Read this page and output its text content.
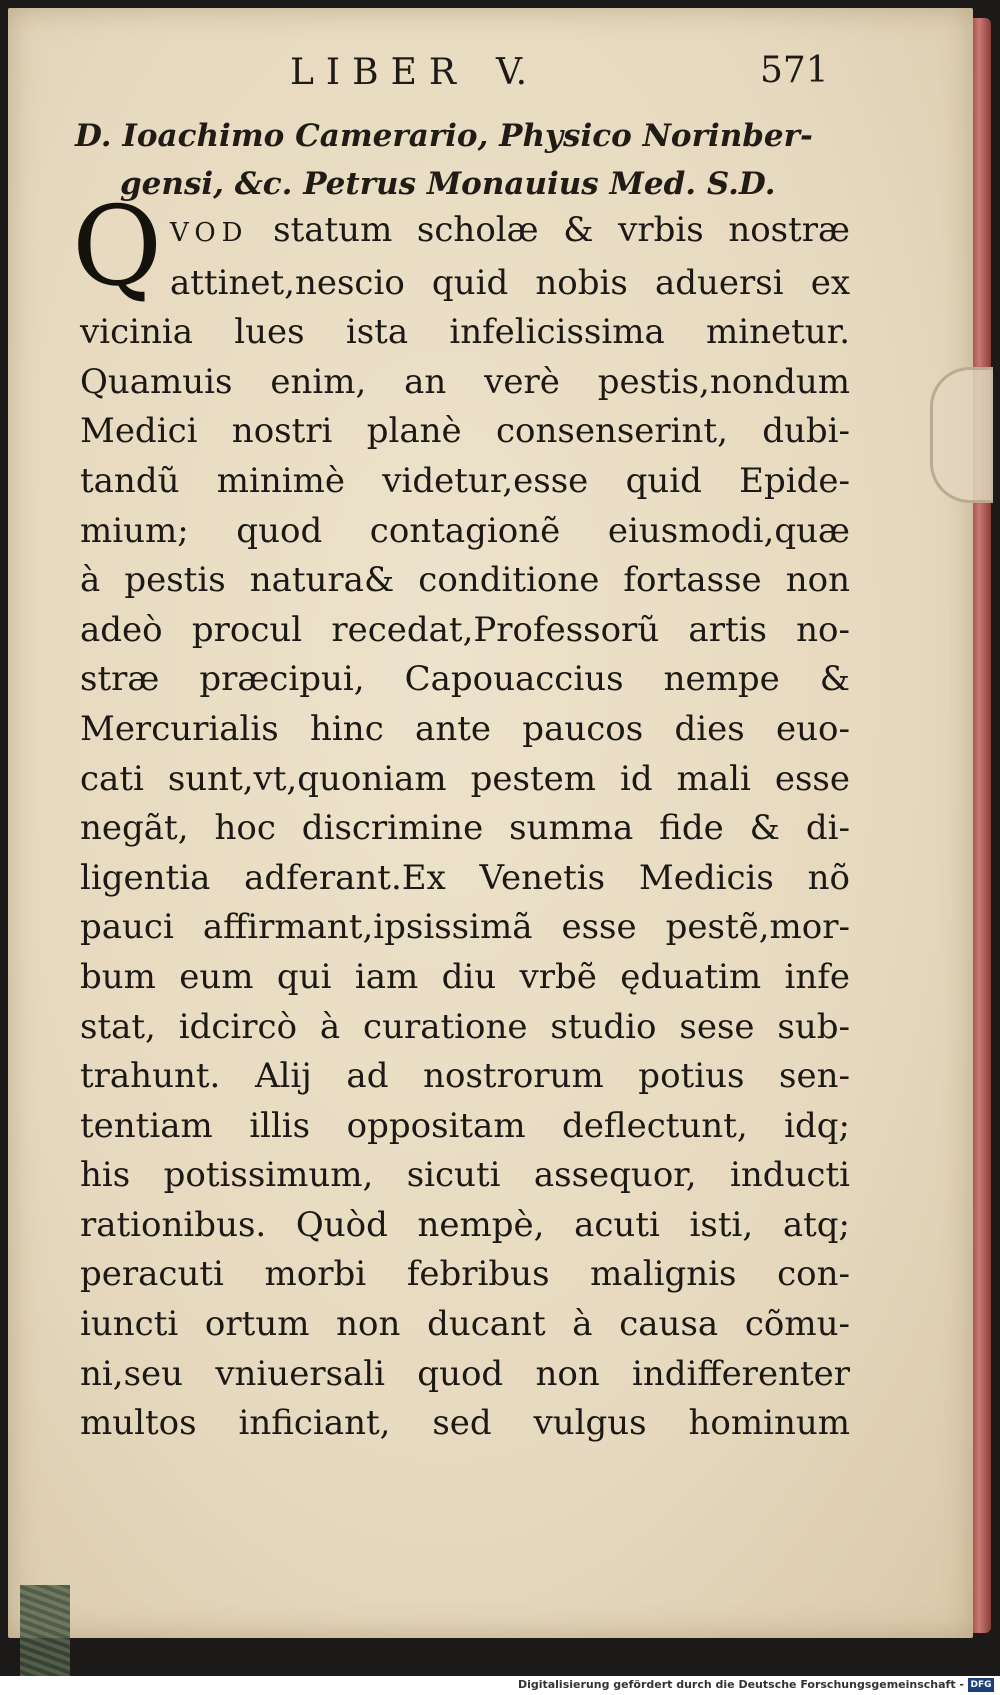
LIBER V.	571
D. Ioachimo Camerario, Physico Norinber-
gensi, &c. Petrus Monauius Med. S.D.
Q VOD statum scholæ & vrbis nostræ
attinet,nescio quid nobis aduersi ex
vicinia lues ista infelicissima minetur.
Quamuis enim, an verè pestis,nondum
Medici nostri planè consenserint, dubi-
tandũ minimè videtur,esse quid Epide-
mium; quod contagionẽ eiusmodi,quæ
à pestis natura& conditione fortasse non
adeò procul recedat,Professorũ artis no-
stræ præcipui, Capouaccius nempe &
Mercurialis hinc ante paucos dies euo-
cati sunt,vt,quoniam pestem id mali esse
negãt, hoc discrimine summa fide & di-
ligentia adferant.Ex Venetis Medicis nõ
pauci affirmant,ipsissimã esse pestẽ,mor-
bum eum qui iam diu vrbẽ ęduatim infe
stat, idcircò à curatione studio sese sub-
trahunt. Alij ad nostrorum potius sen-
tentiam illis oppositam deflectunt, idq;
his potissimum, sicuti assequor, inducti
rationibus. Quòd nempè, acuti isti, atq;
peracuti morbi febribus malignis con-
iuncti ortum non ducant à causa cõmu-
ni,seu vniuersali quod non indifferenter
multos inficiant, sed vulgus hominum
Digitalisierung gefördert durch die Deutsche Forschungsgemeinschaft - DFG
